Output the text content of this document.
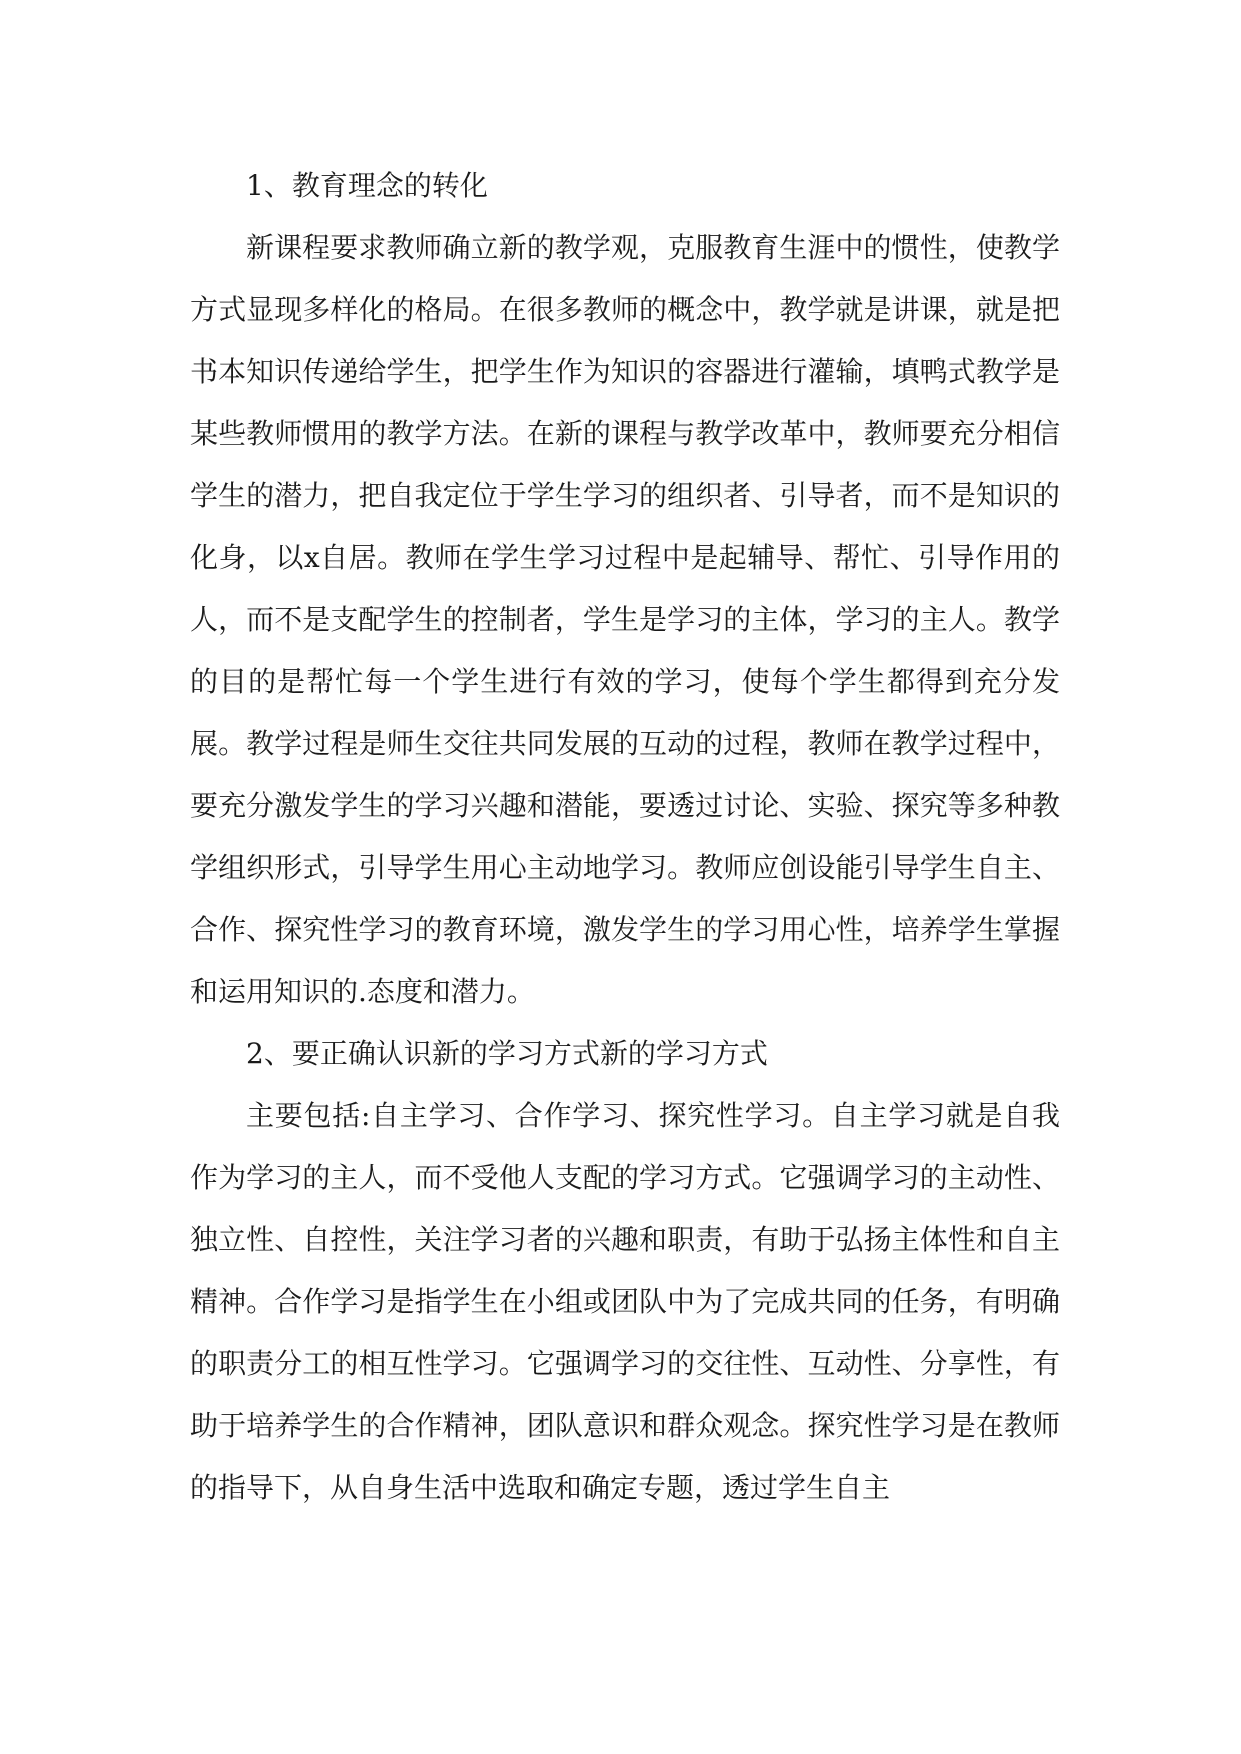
1、教育理念的转化

新课程要求教师确立新的教学观，克服教育生涯中的惯性，使教学方式显现多样化的格局。在很多教师的概念中，教学就是讲课，就是把书本知识传递给学生，把学生作为知识的容器进行灌输，填鸭式教学是某些教师惯用的教学方法。在新的课程与教学改革中，教师要充分相信学生的潜力，把自我定位于学生学习的组织者、引导者，而不是知识的化身，以x自居。教师在学生学习过程中是起辅导、帮忙、引导作用的人，而不是支配学生的控制者，学生是学习的主体，学习的主人。教学的目的是帮忙每一个学生进行有效的学习，使每个学生都得到充分发展。教学过程是师生交往共同发展的互动的过程，教师在教学过程中，要充分激发学生的学习兴趣和潜能，要透过讨论、实验、探究等多种教学组织形式，引导学生用心主动地学习。教师应创设能引导学生自主、合作、探究性学习的教育环境，激发学生的学习用心性，培养学生掌握和运用知识的.态度和潜力。

2、要正确认识新的学习方式新的学习方式

主要包括:自主学习、合作学习、探究性学习。自主学习就是自我作为学习的主人，而不受他人支配的学习方式。它强调学习的主动性、独立性、自控性，关注学习者的兴趣和职责，有助于弘扬主体性和自主精神。合作学习是指学生在小组或团队中为了完成共同的任务，有明确的职责分工的相互性学习。它强调学习的交往性、互动性、分享性，有助于培养学生的合作精神，团队意识和群众观念。探究性学习是在教师的指导下，从自身生活中选取和确定专题，透过学生自主
